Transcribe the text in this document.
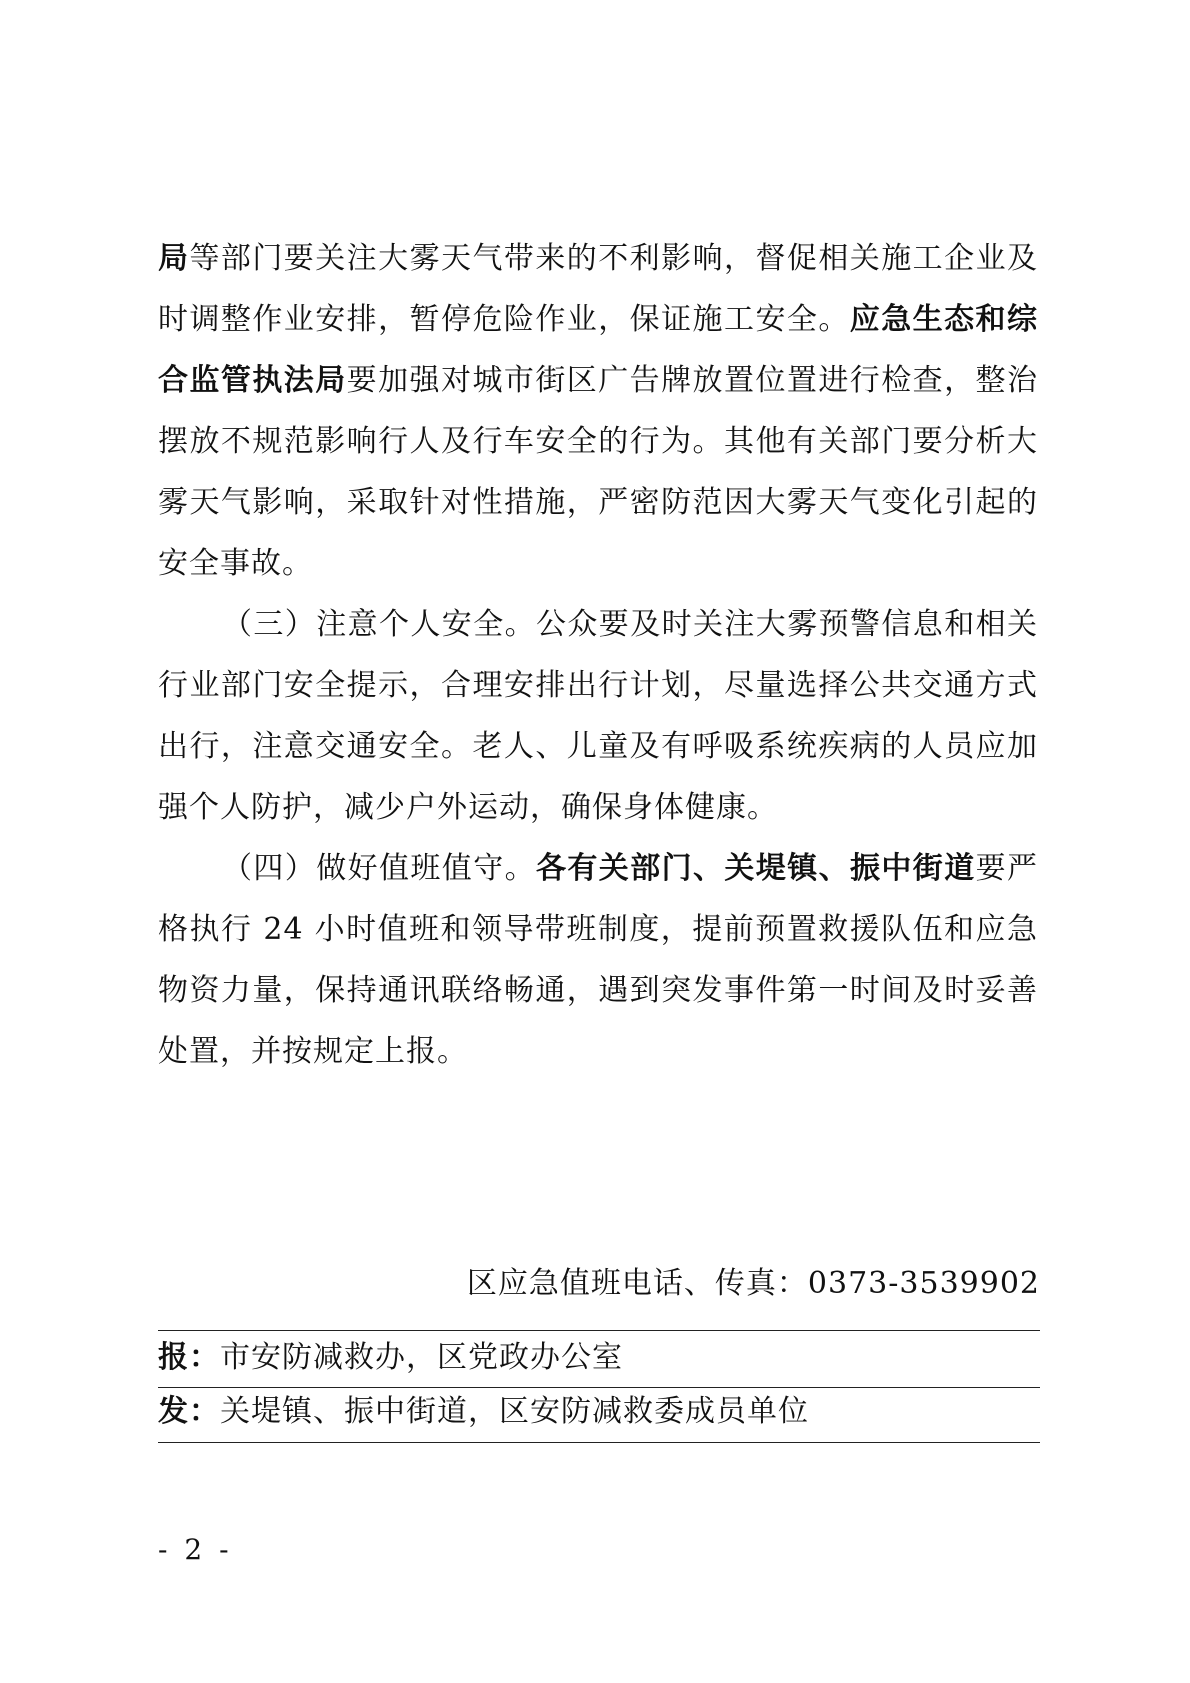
局等部门要关注大雾天气带来的不利影响，督促相关施工企业及时调整作业安排，暂停危险作业，保证施工安全。应急生态和综合监管执法局要加强对城市街区广告牌放置位置进行检查，整治摆放不规范影响行人及行车安全的行为。其他有关部门要分析大雾天气影响，采取针对性措施，严密防范因大雾天气变化引起的安全事故。

（三）注意个人安全。公众要及时关注大雾预警信息和相关行业部门安全提示，合理安排出行计划，尽量选择公共交通方式出行，注意交通安全。老人、儿童及有呼吸系统疾病的人员应加强个人防护，减少户外运动，确保身体健康。

（四）做好值班值守。各有关部门、关堤镇、振中街道要严格执行 24 小时值班和领导带班制度，提前预置救援队伍和应急物资力量，保持通讯联络畅通，遇到突发事件第一时间及时妥善处置，并按规定上报。

区应急值班电话、传真：0373-3539902
报：市安防减救办，区党政办公室
发：关堤镇、振中街道，区安防减救委成员单位
- 2 -
